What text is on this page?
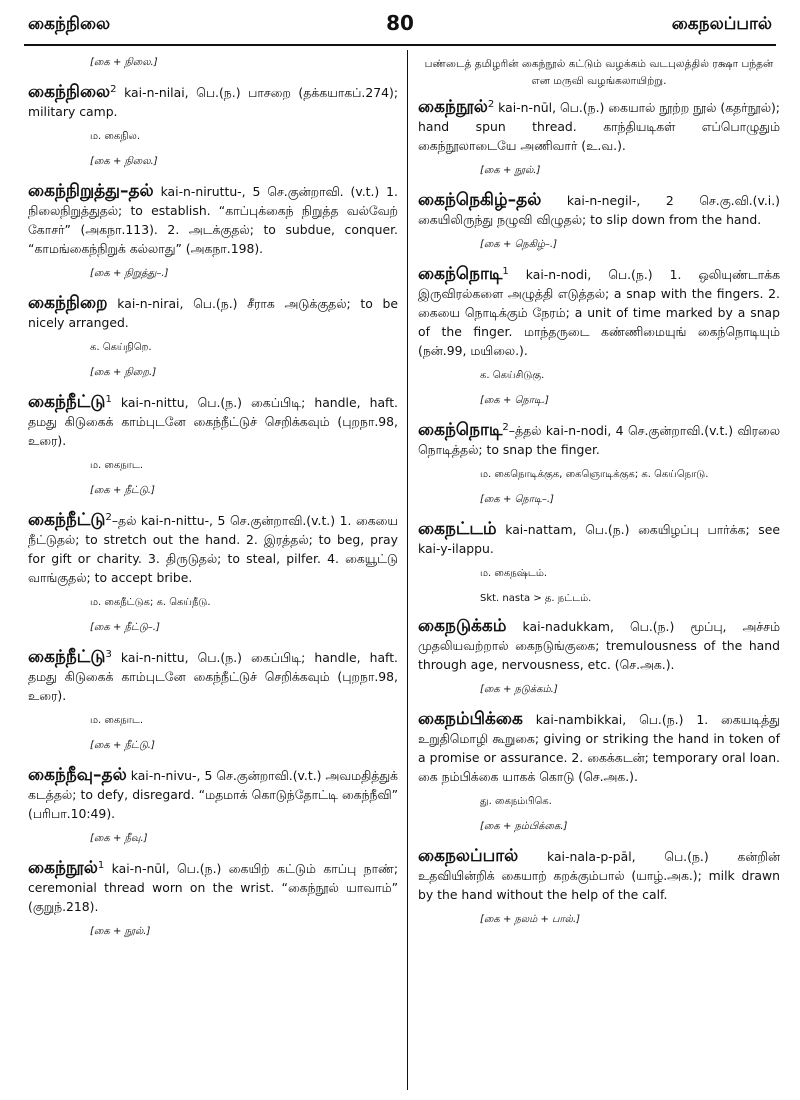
கைந்நிலை	80	கைநலப்பால்
[கை + நிலை.]
கைந்நிலை$^2$ kai-n-nilai, பெ.(ந.) பாசறை (தக்கயாகப்.274); military camp.
ம. கைநில.
[கை + நிலை.]
கைந்நிறுத்து–தல் kai-n-niruttu-, 5 செ.குன்றாவி. (v.t.) 1. நிலைநிறுத்துதல்; to establish. “காப்புக்கைந் நிறுத்த வல்வேற் கோசர்” (அகநா.113). 2. அடக்குதல்; to subdue, conquer. “காமங்கைந்நிறுக் கல்லாது” (அகநா.198).
[கை + நிறுத்து–.]
கைந்நிறை kai-n-nirai, பெ.(ந.) சீராக அடுக்குதல்; to be nicely arranged.
க. கெய்நிறெ.
[கை + நிறை.]
கைந்நீட்டு$^1$ kai-n-nittu, பெ.(ந.) கைப்பிடி; handle, haft. தமது கிடுகைக் காம்புடனே கைந்நீட்டுச் செறிக்கவும் (புறநா.98, உரை).
ம. கைநாட.
[கை + நீட்டு.]
கைந்நீட்டு$^2$–தல் kai-n-nittu-, 5 செ.குன்றாவி.(v.t.) 1. கையை நீட்டுதல்; to stretch out the hand. 2. இரத்தல்; to beg, pray for gift or charity. 3. திருடுதல்; to steal, pilfer. 4. கையூட்டு வாங்குதல்; to accept bribe.
ம. கைநீட்டுக; க. கெய்நீடு.
[கை + நீட்டு–.]
கைந்நீட்டு$^3$ kai-n-nittu, பெ.(ந.) கைப்பிடி; handle, haft. தமது கிடுகைக் காம்புடனே கைந்நீட்டுச் செறிக்கவும் (புறநா.98, உரை).
ம. கைநாட.
[கை + நீட்டு.]
கைந்நீவு–தல் kai-n-nivu-, 5 செ.குன்றாவி.(v.t.) அவமதித்துக் கடத்தல்; to defy, disregard. “மதமாக் கொடுந்தோட்டி கைந்நீவி” (பரிபா.10:49).
[கை + நீவு.]
கைந்நூல்$^1$ kai-n-nūl, பெ.(ந.) கையிற் கட்டும் காப்பு நாண்; ceremonial thread worn on the wrist. “கைந்நூல் யாவாம்” (குறுந்.218).
[கை + நூல்.]
பண்டைத் தமிழரின் கைந்நூல் கட்டும் வழக்கம் வடபுலத்தில் ரக்ஷா பந்தன் என மருவி வழங்கலாயிற்று.
கைந்நூல்$^2$ kai-n-nūl, பெ.(ந.) கையால் நூற்ற நூல் (கதர்நூல்); hand spun thread. காந்தியடிகள் எப்பொழுதும் கைந்நூலாடையே அணிவார் (உ.வ.).
[கை + நூல்.]
கைந்நெகிழ்–தல் kai-n-negil-, 2 செ.கு.வி.(v.i.) கையிலிருந்து நழுவி விழுதல்; to slip down from the hand.
[கை + நெகிழ்–.]
கைந்நொடி$^1$ kai-n-nodi, பெ.(ந.) 1. ஒலியுண்டாக்க இருவிரல்களை அழுத்தி எடுத்தல்; a snap with the fingers. 2. கையை நொடிக்கும் நேரம்; a unit of time marked by a snap of the finger. மாந்தருடை கண்ணிமையுங் கைந்நொடியும் (நன்.99, மயிலை.).
க. கெய்சிடுகு.
[கை + நொடி.]
கைந்நொடி$^2$–த்தல் kai-n-nodi, 4 செ.குன்றாவி.(v.t.) விரலை நொடித்தல்; to snap the finger.
ம. கைநொடிக்குக, கைஞொடிக்குக; க. கெய்நொடு.
[கை + நொடி–.]
கைநட்டம் kai-nattam, பெ.(ந.) கையிழப்பு பார்க்க; see kai-y-ilappu.
ம. கைநஷ்டம்.
Skt. nasta > த. நட்டம்.
கைநடுக்கம் kai-nadukkam, பெ.(ந.) மூப்பு, அச்சம் முதலியவற்றால் கைநடுங்குகை; tremulousness of the hand through age, nervousness, etc. (செ.அக.).
[கை + நடுக்கம்.]
கைநம்பிக்கை kai-nambikkai, பெ.(ந.) 1. கையடித்து உறுதிமொழி கூறுகை; giving or striking the hand in token of a promise or assurance. 2. கைக்கடன்; temporary oral loan. கை நம்பிக்கை யாகக் கொடு (செ.அக.).
து. கைநம்பிகெ.
[கை + நம்பிக்கை.]
கைநலப்பால் kai-nala-p-pāl, பெ.(ந.) கன்றின் உதவியின்றிக் கையாற் கறக்கும்பால் (யாழ்.அக.); milk drawn by the hand without the help of the calf.
[கை + நலம் + பால்.]
